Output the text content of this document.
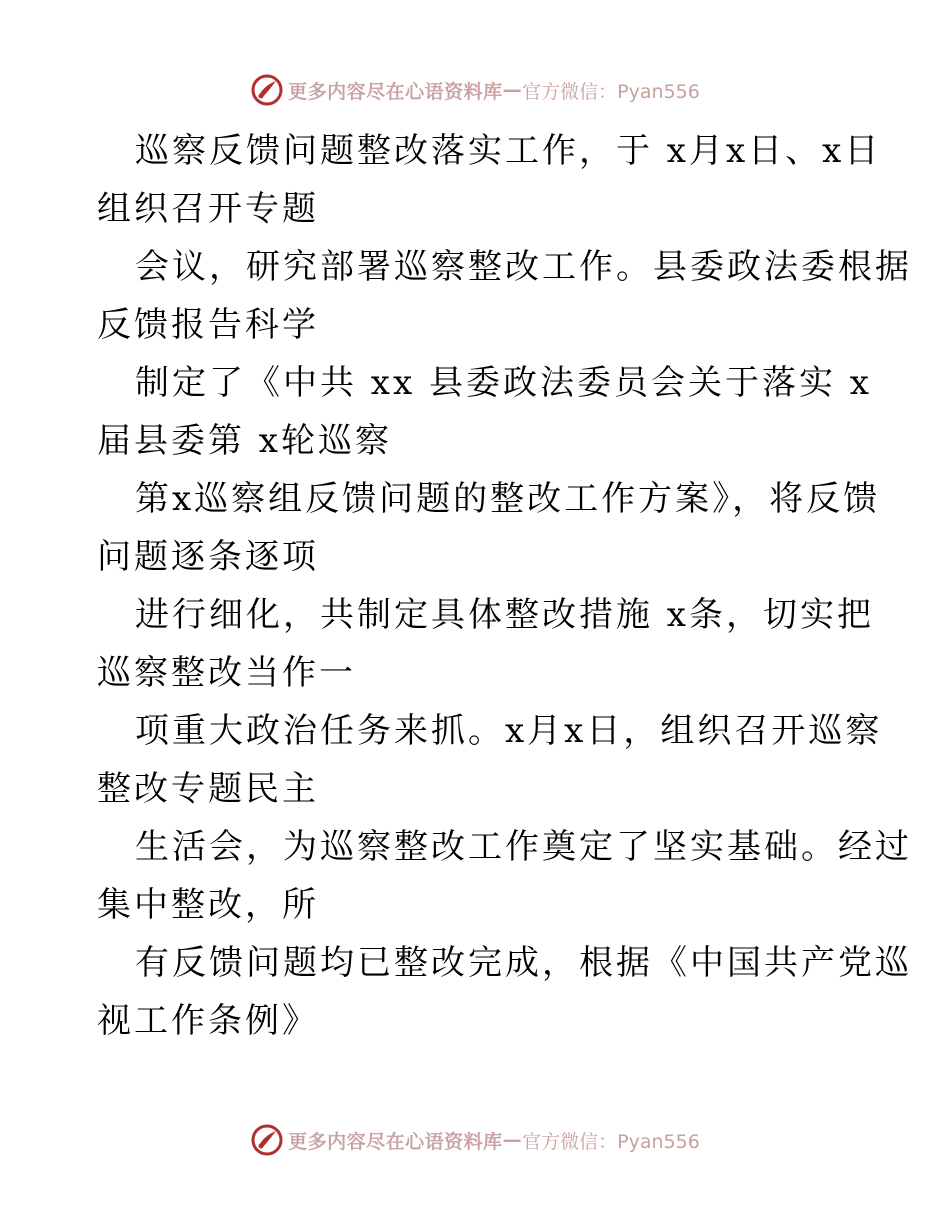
更多内容尽在心语资料库 — 官方微信：Pyan556
巡察反馈问题整改落实工作，于 x月x日、x日
组织召开专题
会议，研究部署巡察整改工作。县委政法委根据
反馈报告科学
制定了《中共 xx 县委政法委员会关于落实 x
届县委第 x轮巡察
第x巡察组反馈问题的整改工作方案》，将反馈
问题逐条逐项
进行细化，共制定具体整改措施 x条，切实把
巡察整改当作一
项重大政治任务来抓。x月x日，组织召开巡察
整改专题民主
生活会，为巡察整改工作奠定了坚实基础。经过
集中整改，所
有反馈问题均已整改完成，根据《中国共产党巡
视工作条例》
更多内容尽在心语资料库 — 官方微信：Pyan556
